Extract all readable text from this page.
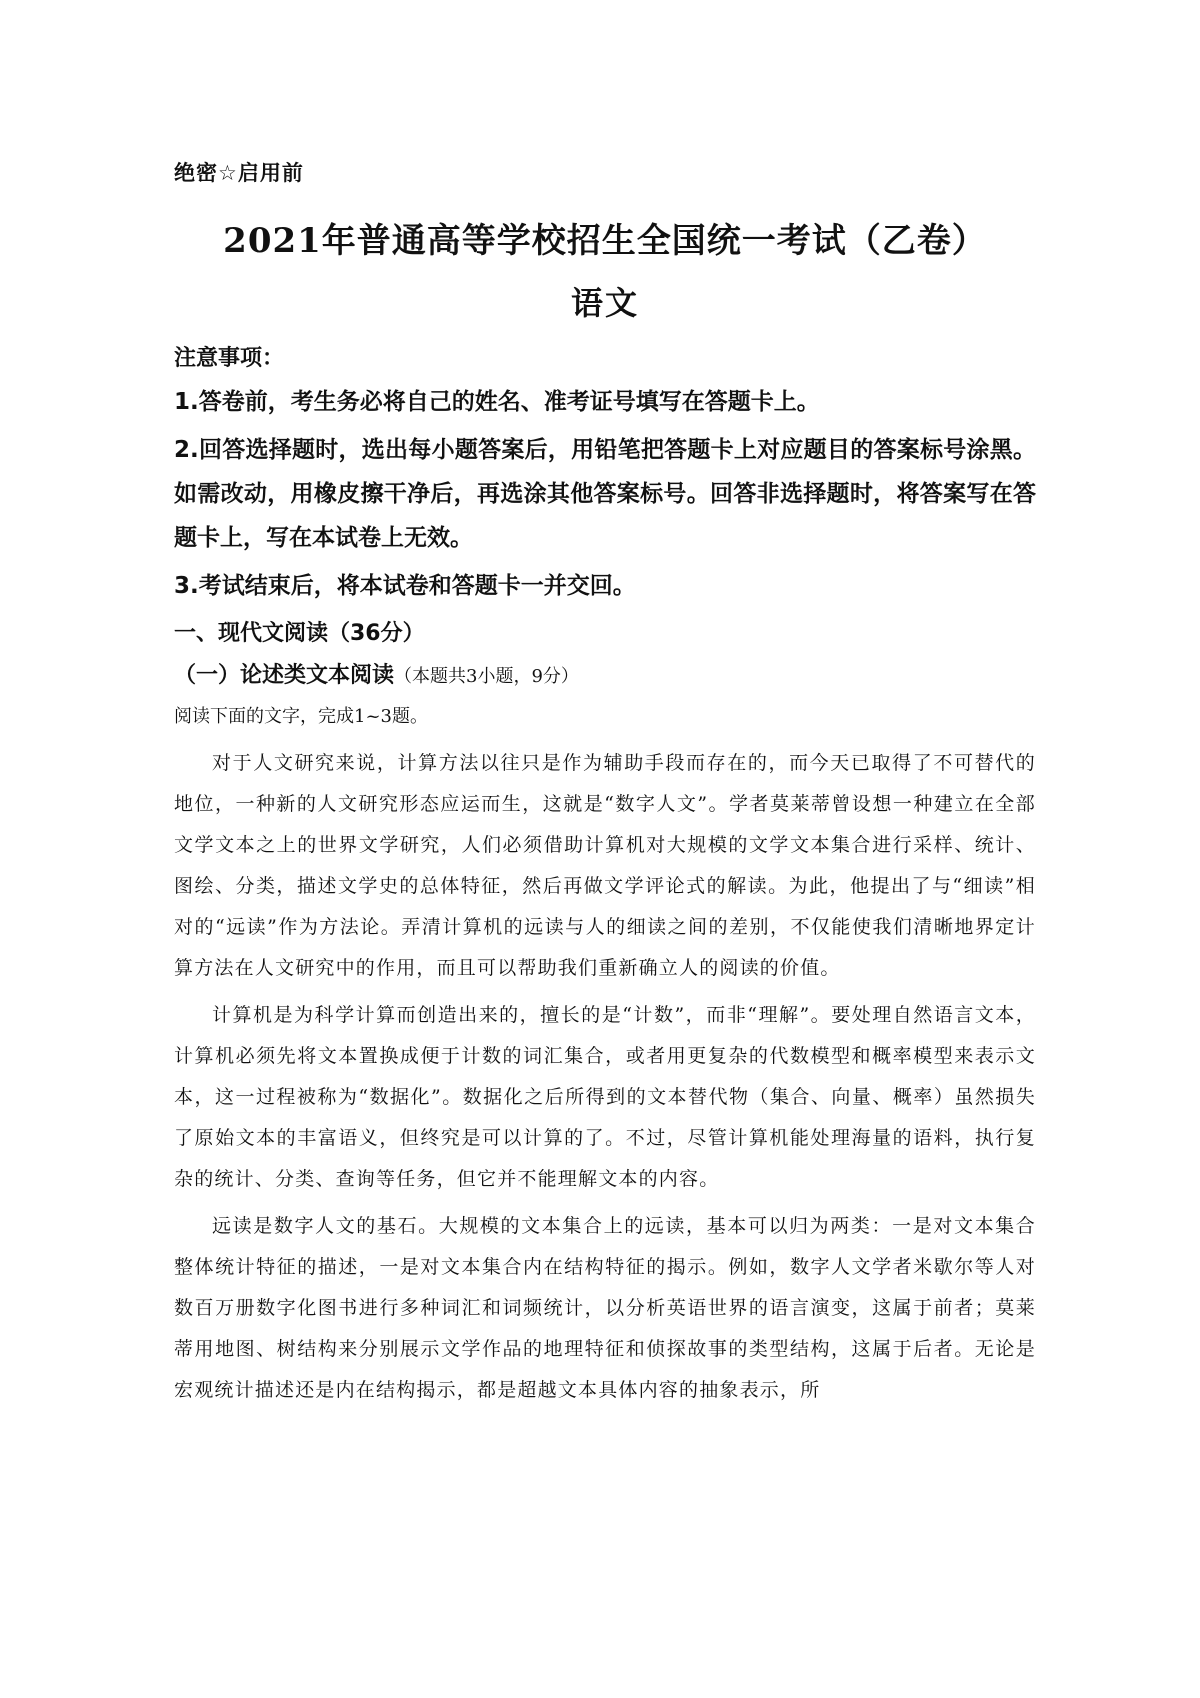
绝密☆启用前

2021年普通高等学校招生全国统一考试（乙卷）
语文

注意事项：

1.答卷前，考生务必将自己的姓名、准考证号填写在答题卡上。

2.回答选择题时，选出每小题答案后，用铅笔把答题卡上对应题目的答案标号涂黑。如需改动，用橡皮擦干净后，再选涂其他答案标号。回答非选择题时，将答案写在答题卡上，写在本试卷上无效。

3.考试结束后，将本试卷和答题卡一并交回。

一、现代文阅读（36分）

（一）论述类文本阅读（本题共3小题，9分）

阅读下面的文字，完成1~3题。

对于人文研究来说，计算方法以往只是作为辅助手段而存在的，而今天已取得了不可替代的地位，一种新的人文研究形态应运而生，这就是“数字人文”。学者莫莱蒂曾设想一种建立在全部文学文本之上的世界文学研究，人们必须借助计算机对大规模的文学文本集合进行采样、统计、图绘、分类，描述文学史的总体特征，然后再做文学评论式的解读。为此，他提出了与“细读”相对的“远读”作为方法论。弄清计算机的远读与人的细读之间的差别，不仅能使我们清晰地界定计算方法在人文研究中的作用，而且可以帮助我们重新确立人的阅读的价值。

计算机是为科学计算而创造出来的，擅长的是“计数”，而非“理解”。要处理自然语言文本，计算机必须先将文本置换成便于计数的词汇集合，或者用更复杂的代数模型和概率模型来表示文本，这一过程被称为“数据化”。数据化之后所得到的文本替代物（集合、向量、概率）虽然损失了原始文本的丰富语义，但终究是可以计算的了。不过，尽管计算机能处理海量的语料，执行复杂的统计、分类、查询等任务，但它并不能理解文本的内容。

远读是数字人文的基石。大规模的文本集合上的远读，基本可以归为两类：一是对文本集合整体统计特征的描述，一是对文本集合内在结构特征的揭示。例如，数字人文学者米歇尔等人对数百万册数字化图书进行多种词汇和词频统计，以分析英语世界的语言演变，这属于前者；莫莱蒂用地图、树结构来分别展示文学作品的地理特征和侦探故事的类型结构，这属于后者。无论是宏观统计描述还是内在结构揭示，都是超越文本具体内容的抽象表示，所
